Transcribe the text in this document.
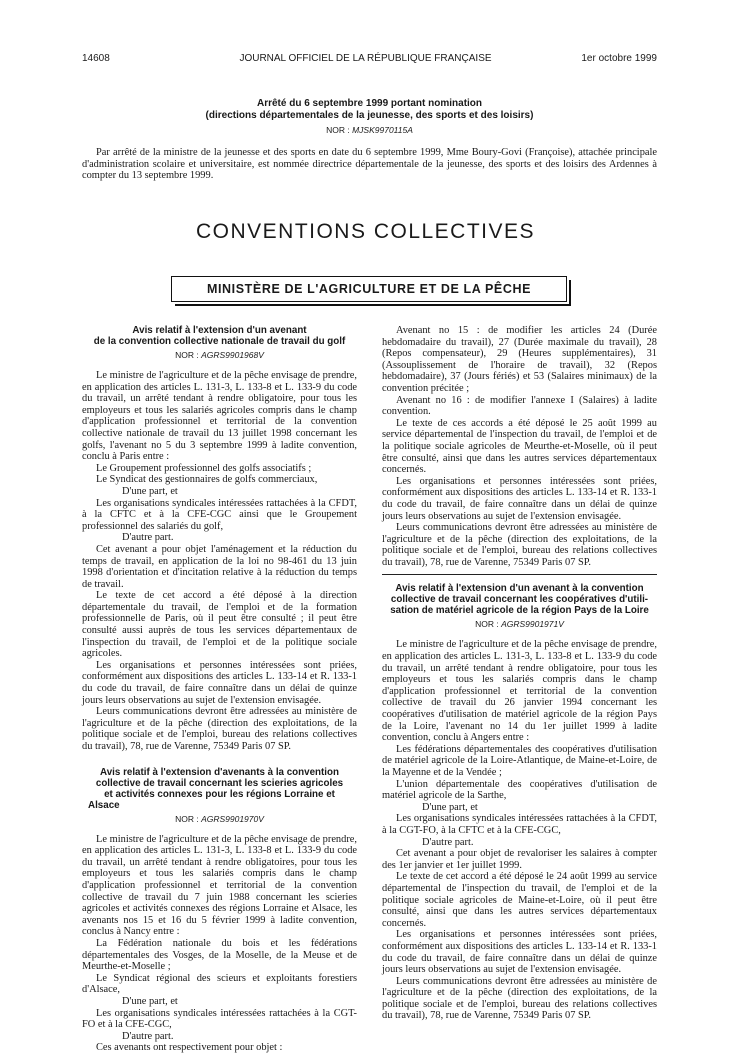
JOURNAL OFFICIEL DE LA RÉPUBLIQUE FRANÇAISE
14608	1er octobre 1999
Arrêté du 6 septembre 1999 portant nomination
(directions départementales de la jeunesse, des sports et des loisirs)
NOR : MJSK9970115A

Par arrêté de la ministre de la jeunesse et des sports en date du 6 septembre 1999, Mme Boury-Govi (Françoise), attachée principale d'administration scolaire et universitaire, est nommée directrice départementale de la jeunesse, des sports et des loisirs des Ardennes à compter du 13 septembre 1999.

CONVENTIONS COLLECTIVES
MINISTÈRE DE L'AGRICULTURE ET DE LA PÊCHE

Avis relatif à l'extension d'un avenant

de la convention collective nationale de travail du golf

NOR : AGRS9901968V

Le ministre de l'agriculture et de la pêche envisage de prendre, en application des articles L. 131-3, L. 133-8 et L. 133-9 du code du travail, un arrêté tendant à rendre obligatoire, pour tous les employeurs et tous les salariés agricoles compris dans le champ d'application professionnel et territorial de la convention collective nationale de travail du 13 juillet 1998 concernant les golfs, l'avenant no 5 du 3 septembre 1999 à ladite convention, conclu à Paris entre :

Le Groupement professionnel des golfs associatifs ;

Le Syndicat des gestionnaires de golfs commerciaux,

D'une part, et

Les organisations syndicales intéressées rattachées à la CFDT, à la CFTC et à la CFE-CGC ainsi que le Groupement professionnel des salariés du golf,

D'autre part.

Cet avenant a pour objet l'aménagement et la réduction du temps de travail, en application de la loi no 98-461 du 13 juin 1998 d'orientation et d'incitation relative à la réduction du temps de travail.

Le texte de cet accord a été déposé à la direction départementale du travail, de l'emploi et de la formation professionnelle de Paris, où il peut être consulté ; il peut être consulté aussi auprès de tous les services départementaux de l'inspection du travail, de l'emploi et de la politique sociale agricoles.

Les organisations et personnes intéressées sont priées, conformément aux dispositions des articles L. 133-14 et R. 133-1 du code du travail, de faire connaître dans un délai de quinze jours leurs observations au sujet de l'extension envisagée.

Leurs communications devront être adressées au ministère de l'agriculture et de la pêche (direction des exploitations, de la politique sociale et de l'emploi, bureau des relations collectives du travail), 78, rue de Varenne, 75349 Paris 07 SP.

Avis relatif à l'extension d'avenants à la convention

collective de travail concernant les scieries agricoles

et activités connexes pour les régions Lorraine et

Alsace

NOR : AGRS9901970V

Le ministre de l'agriculture et de la pêche envisage de prendre, en application des articles L. 131-3, L. 133-8 et L. 133-9 du code du travail, un arrêté tendant à rendre obligatoires, pour tous les employeurs et tous les salariés compris dans le champ d'application professionnel et territorial de la convention collective de travail du 7 juin 1988 concernant les scieries agricoles et activités connexes des régions Lorraine et Alsace, les avenants nos 15 et 16 du 5 février 1999 à ladite convention, conclus à Nancy entre :

La Fédération nationale du bois et les fédérations départementales des Vosges, de la Moselle, de la Meuse et de Meurthe-et-Moselle ;

Le Syndicat régional des scieurs et exploitants forestiers d'Alsace,

D'une part, et

Les organisations syndicales intéressées rattachées à la CGT-FO et à la CFE-CGC,

D'autre part.

Ces avenants ont respectivement pour objet :

Avenant no 15 : de modifier les articles 24 (Durée hebdomadaire du travail), 27 (Durée maximale du travail), 28 (Repos compensateur), 29 (Heures supplémentaires), 31 (Assouplissement de l'horaire de travail), 32 (Repos hebdomadaire), 37 (Jours fériés) et 53 (Salaires minimaux) de la convention précitée ;

Avenant no 16 : de modifier l'annexe I (Salaires) à ladite convention.

Le texte de ces accords a été déposé le 25 août 1999 au service départemental de l'inspection du travail, de l'emploi et de la politique sociale agricoles de Meurthe-et-Moselle, où il peut être consulté, ainsi que dans les autres services départementaux concernés.

Les organisations et personnes intéressées sont priées, conformément aux dispositions des articles L. 133-14 et R. 133-1 du code du travail, de faire connaître dans un délai de quinze jours leurs observations au sujet de l'extension envisagée.

Leurs communications devront être adressées au ministère de l'agriculture et de la pêche (direction des exploitations, de la politique sociale et de l'emploi, bureau des relations collectives du travail), 78, rue de Varenne, 75349 Paris 07 SP.

Avis relatif à l'extension d'un avenant à la convention

collective de travail concernant les coopératives d'utili-

sation de matériel agricole de la région Pays de la Loire

NOR : AGRS9901971V

Le ministre de l'agriculture et de la pêche envisage de prendre, en application des articles L. 131-3, L. 133-8 et L. 133-9 du code du travail, un arrêté tendant à rendre obligatoire, pour tous les employeurs et tous les salariés compris dans le champ d'application professionnel et territorial de la convention collective de travail du 26 janvier 1994 concernant les coopératives d'utilisation de matériel agricole de la région Pays de la Loire, l'avenant no 14 du 1er juillet 1999 à ladite convention, conclu à Angers entre :

Les fédérations départementales des coopératives d'utilisation de matériel agricole de la Loire-Atlantique, de Maine-et-Loire, de la Mayenne et de la Vendée ;

L'union départementale des coopératives d'utilisation de matériel agricole de la Sarthe,

D'une part, et

Les organisations syndicales intéressées rattachées à la CFDT, à la CGT-FO, à la CFTC et à la CFE-CGC,

D'autre part.

Cet avenant a pour objet de revaloriser les salaires à compter des 1er janvier et 1er juillet 1999.

Le texte de cet accord a été déposé le 24 août 1999 au service départemental de l'inspection du travail, de l'emploi et de la politique sociale agricoles de Maine-et-Loire, où il peut être consulté, ainsi que dans les autres services départementaux concernés.

Les organisations et personnes intéressées sont priées, conformément aux dispositions des articles L. 133-14 et R. 133-1 du code du travail, de faire connaître dans un délai de quinze jours leurs observations au sujet de l'extension envisagée.

Leurs communications devront être adressées au ministère de l'agriculture et de la pêche (direction des exploitations, de la politique sociale et de l'emploi, bureau des relations collectives du travail), 78, rue de Varenne, 75349 Paris 07 SP.
